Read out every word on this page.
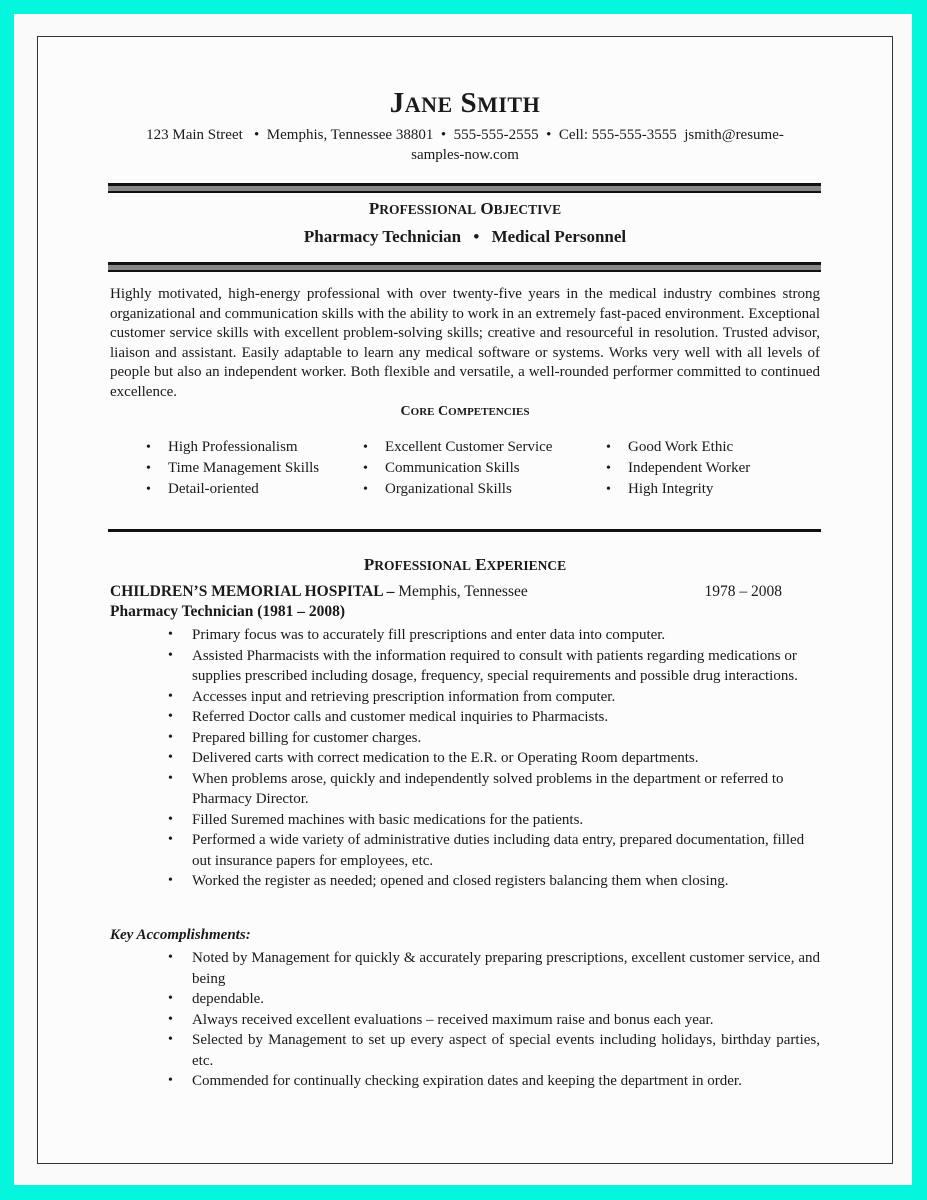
JANE SMITH
123 Main Street   •  Memphis, Tennessee 38801  •  555-555-2555  •  Cell: 555-555-3555  jsmith@resume-
samples-now.com
PROFESSIONAL OBJECTIVE
Pharmacy Technician • Medical Personnel
Highly motivated, high-energy professional with over twenty-five years in the medical industry combines strong organizational and communication skills with the ability to work in an extremely fast-paced environment. Exceptional customer service skills with excellent problem-solving skills; creative and resourceful in resolution. Trusted advisor, liaison and assistant. Easily adaptable to learn any medical software or systems. Works very well with all levels of people but also an independent worker. Both flexible and versatile, a well-rounded performer committed to continued excellence.
CORE COMPETENCIES
• High Professionalism
• Time Management Skills
• Detail-oriented
• Excellent Customer Service
• Communication Skills
• Organizational Skills
• Good Work Ethic
• Independent Worker
• High Integrity
PROFESSIONAL EXPERIENCE
CHILDREN’S MEMORIAL HOSPITAL – Memphis, Tennessee	1978 – 2008
Pharmacy Technician (1981 – 2008)
• Primary focus was to accurately fill prescriptions and enter data into computer.
• Assisted Pharmacists with the information required to consult with patients regarding medications or supplies prescribed including dosage, frequency, special requirements and possible drug interactions.
• Accesses input and retrieving prescription information from computer.
• Referred Doctor calls and customer medical inquiries to Pharmacists.
• Prepared billing for customer charges.
• Delivered carts with correct medication to the E.R. or Operating Room departments.
• When problems arose, quickly and independently solved problems in the department or referred to Pharmacy Director.
• Filled Suremed machines with basic medications for the patients.
• Performed a wide variety of administrative duties including data entry, prepared documentation, filled out insurance papers for employees, etc.
• Worked the register as needed; opened and closed registers balancing them when closing.
Key Accomplishments:
• Noted by Management for quickly & accurately preparing prescriptions, excellent customer service, and being
• dependable.
• Always received excellent evaluations – received maximum raise and bonus each year.
• Selected by Management to set up every aspect of special events including holidays, birthday parties, etc.
• Commended for continually checking expiration dates and keeping the department in order.
